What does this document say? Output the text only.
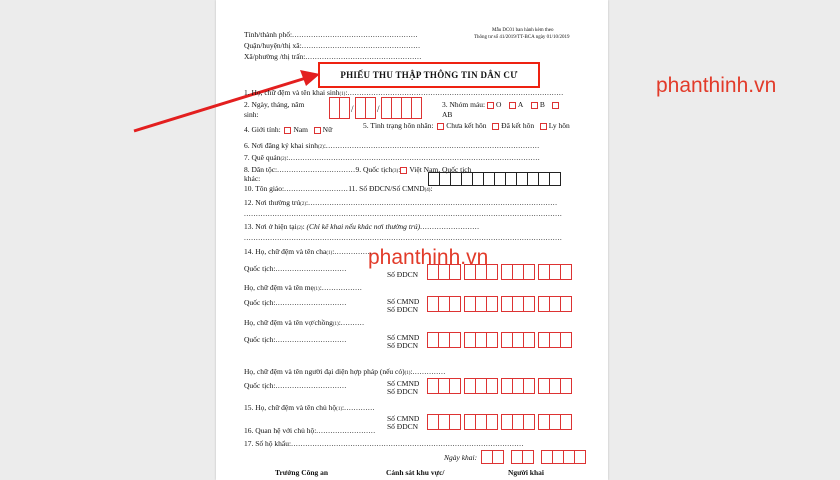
Tỉnh/thành phố:.....................................................
Quận/huyện/thị xã:..................................................
Xã/phường /thị trấn:.................................................
Mẫu DC01 ban hành kèm theo
Thông tư số 41/2019/TT-BCA ngày 01/10/2019
PHIẾU THU THẬP THÔNG TIN DÂN CƯ	phanthinh.vn
phanthinh.vn
1. Họ, chữ đệm và tên khai sinh(1):...........................................................................................
2. Ngày, tháng, năm
sinh:
/	/	3. Nhóm máu: O A B
AB
4. Giới tính: Nam Nữ	5. Tình trạng hôn nhân: Chưa kết hôn Đã kết hôn Ly hôn
6. Nơi đăng ký khai sinh(2):..........................................................................................
7. Quê quán(2):..........................................................................................................
8. Dân tộc:.................................9. Quốc tịch(3): Việt Nam, Quốc tịch
khác:
10. Tôn giáo:...........................11. Số ĐDCN/Số CMND(4):
12. Nơi thường trú(2):.........................................................................................................
......................................................................................................................................
13. Nơi ở hiện tại(2): (Chỉ kê khai nếu khác nơi thường trú).........................
......................................................................................................................................
14. Họ, chữ đệm và tên cha(1):................
Quốc tịch:..............................
Số ĐDCN
Họ, chữ đệm và tên mẹ(1):.................
Quốc tịch:..............................	Số CMND
Số ĐDCN
Họ, chữ đệm và tên vợ/chồng(1):..........
Quốc tịch:..............................	Số CMND
Số ĐDCN
Họ, chữ đệm và tên người đại diện hợp pháp (nếu có)(1):..............
Quốc tịch:..............................	Số CMND
Số ĐDCN
15. Họ, chữ đệm và tên chủ hộ(1):.............
Số CMND
Số ĐDCN
16. Quan hệ với chủ hộ:.........................
17. Số hộ khẩu:..................................................................................................
Ngày khai:
Trưởng Công an	Cảnh sát khu vực/	Người khai
